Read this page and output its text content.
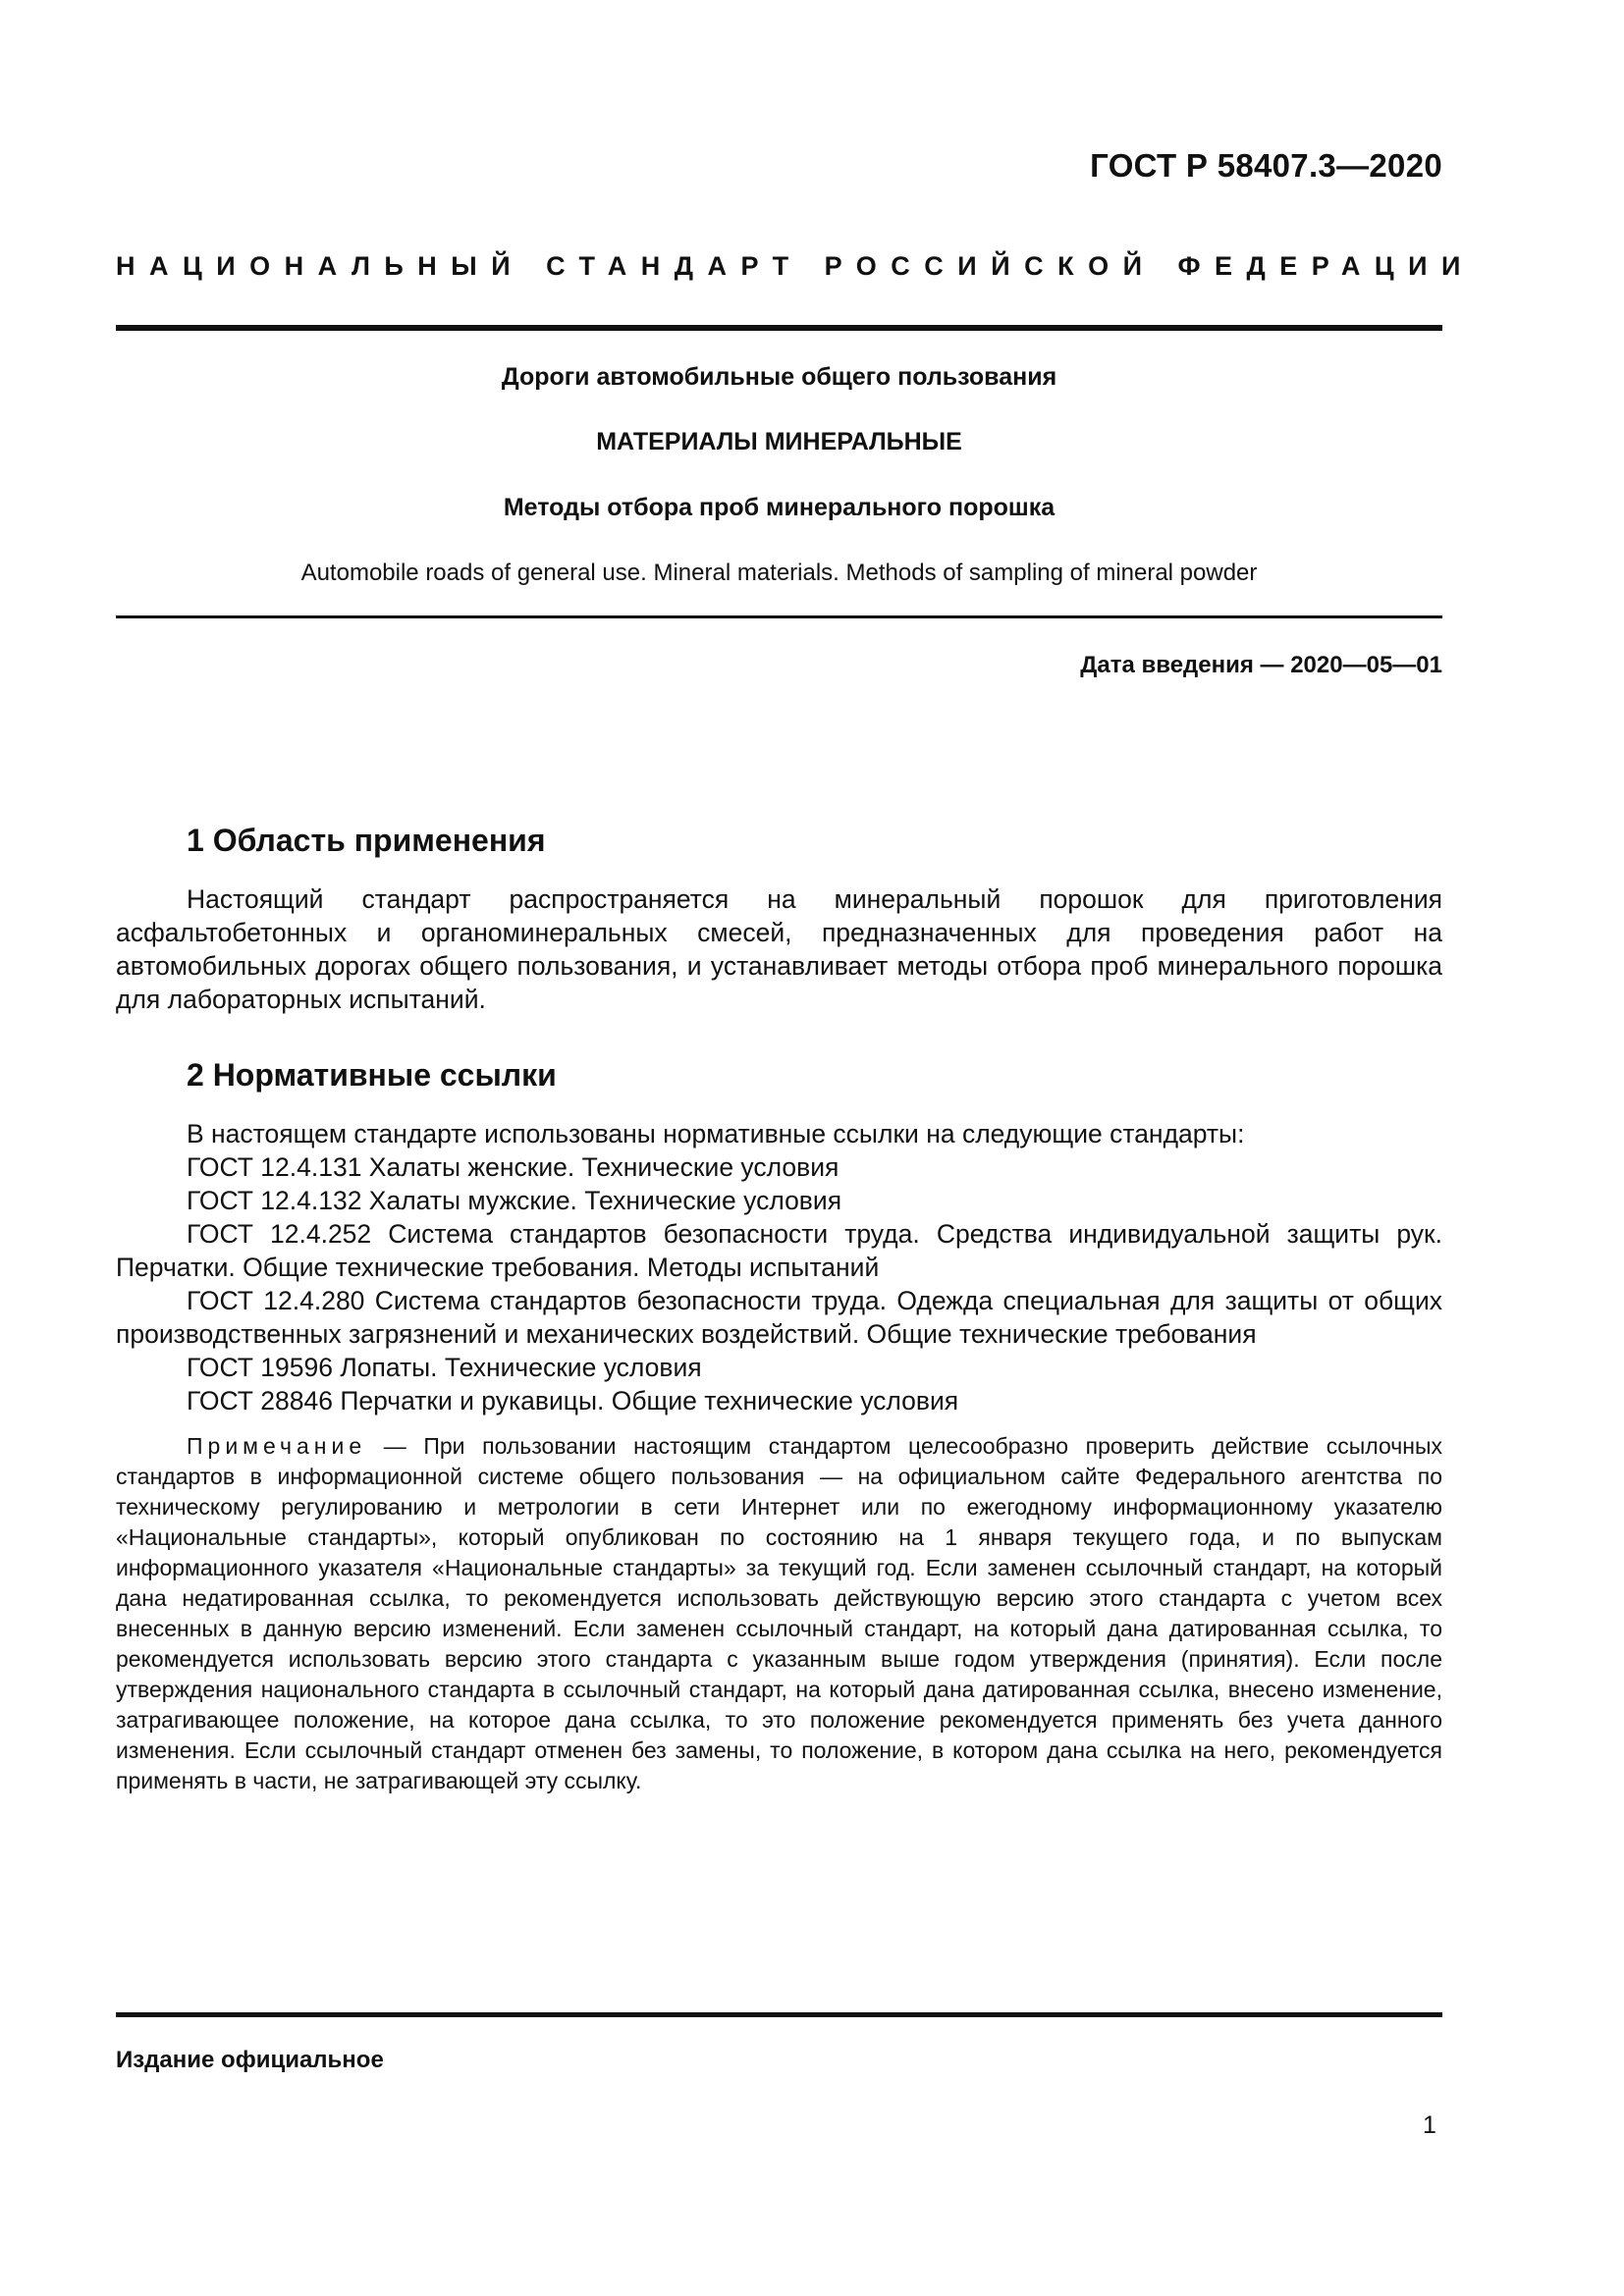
ГОСТ Р 58407.3—2020
НАЦИОНАЛЬНЫЙ СТАНДАРТ РОССИЙСКОЙ ФЕДЕРАЦИИ
Дороги автомобильные общего пользования
МАТЕРИАЛЫ МИНЕРАЛЬНЫЕ
Методы отбора проб минерального порошка
Automobile roads of general use. Mineral materials. Methods of sampling of mineral powder
Дата введения — 2020—05—01
1 Область применения
Настоящий стандарт распространяется на минеральный порошок для приготовления асфальтобетонных и органоминеральных смесей, предназначенных для проведения работ на автомобильных дорогах общего пользования, и устанавливает методы отбора проб минерального порошка для лабораторных испытаний.
2 Нормативные ссылки
В настоящем стандарте использованы нормативные ссылки на следующие стандарты:
ГОСТ 12.4.131 Халаты женские. Технические условия
ГОСТ 12.4.132 Халаты мужские. Технические условия
ГОСТ 12.4.252 Система стандартов безопасности труда. Средства индивидуальной защиты рук. Перчатки. Общие технические требования. Методы испытаний
ГОСТ 12.4.280 Система стандартов безопасности труда. Одежда специальная для защиты от общих производственных загрязнений и механических воздействий. Общие технические требования
ГОСТ 19596 Лопаты. Технические условия
ГОСТ 28846 Перчатки и рукавицы. Общие технические условия
Примечание — При пользовании настоящим стандартом целесообразно проверить действие ссылочных стандартов в информационной системе общего пользования — на официальном сайте Федерального агентства по техническому регулированию и метрологии в сети Интернет или по ежегодному информационному указателю «Национальные стандарты», который опубликован по состоянию на 1 января текущего года, и по выпускам информационного указателя «Национальные стандарты» за текущий год. Если заменен ссылочный стандарт, на который дана недатированная ссылка, то рекомендуется использовать действующую версию этого стандарта с учетом всех внесенных в данную версию изменений. Если заменен ссылочный стандарт, на который дана датированная ссылка, то рекомендуется использовать версию этого стандарта с указанным выше годом утверждения (принятия). Если после утверждения национального стандарта в ссылочный стандарт, на который дана датированная ссылка, внесено изменение, затрагивающее положение, на которое дана ссылка, то это положение рекомендуется применять без учета данного изменения. Если ссылочный стандарт отменен без замены, то положение, в котором дана ссылка на него, рекомендуется применять в части, не затрагивающей эту ссылку.
Издание официальное
1
